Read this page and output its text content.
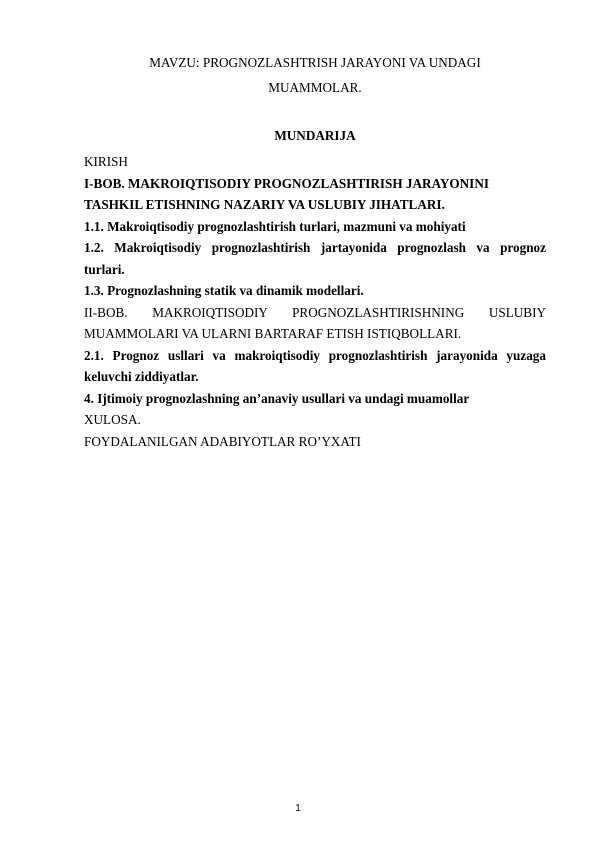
MAVZU: PROGNOZLASHTRISH JARAYONI VA UNDAGI
MUAMMOLAR.
MUNDARIJA
KIRISH
I-BOB. MAKROIQTISODIY PROGNOZLASHTIRISH JARAYONINI
TASHKIL ETISHNING NAZARIY VA USLUBIY JIHATLARI.
1.1. Makroiqtisodiy prognozlashtirish turlari, mazmuni va mohiyati
1.2. Makroiqtisodiy prognozlashtirish jartayonida prognozlash va prognoz
turlari.
1.3. Prognozlashning statik va dinamik modellari.
II-BOB. MAKROIQTISODIY PROGNOZLASHTIRISHNING USLUBIY
MUAMMOLARI VA ULARNI BARTARAF ETISH ISTIQBOLLARI.
2.1. Prognoz usllari va makroiqtisodiy prognozlashtirish jarayonida yuzaga
keluvchi ziddiyatlar.
4. Ijtimoiy prognozlashning an’anaviy usullari va undagi muamollar
XULOSA.
FOYDALANILGAN ADABIYOTLAR RO’YXATI
1
